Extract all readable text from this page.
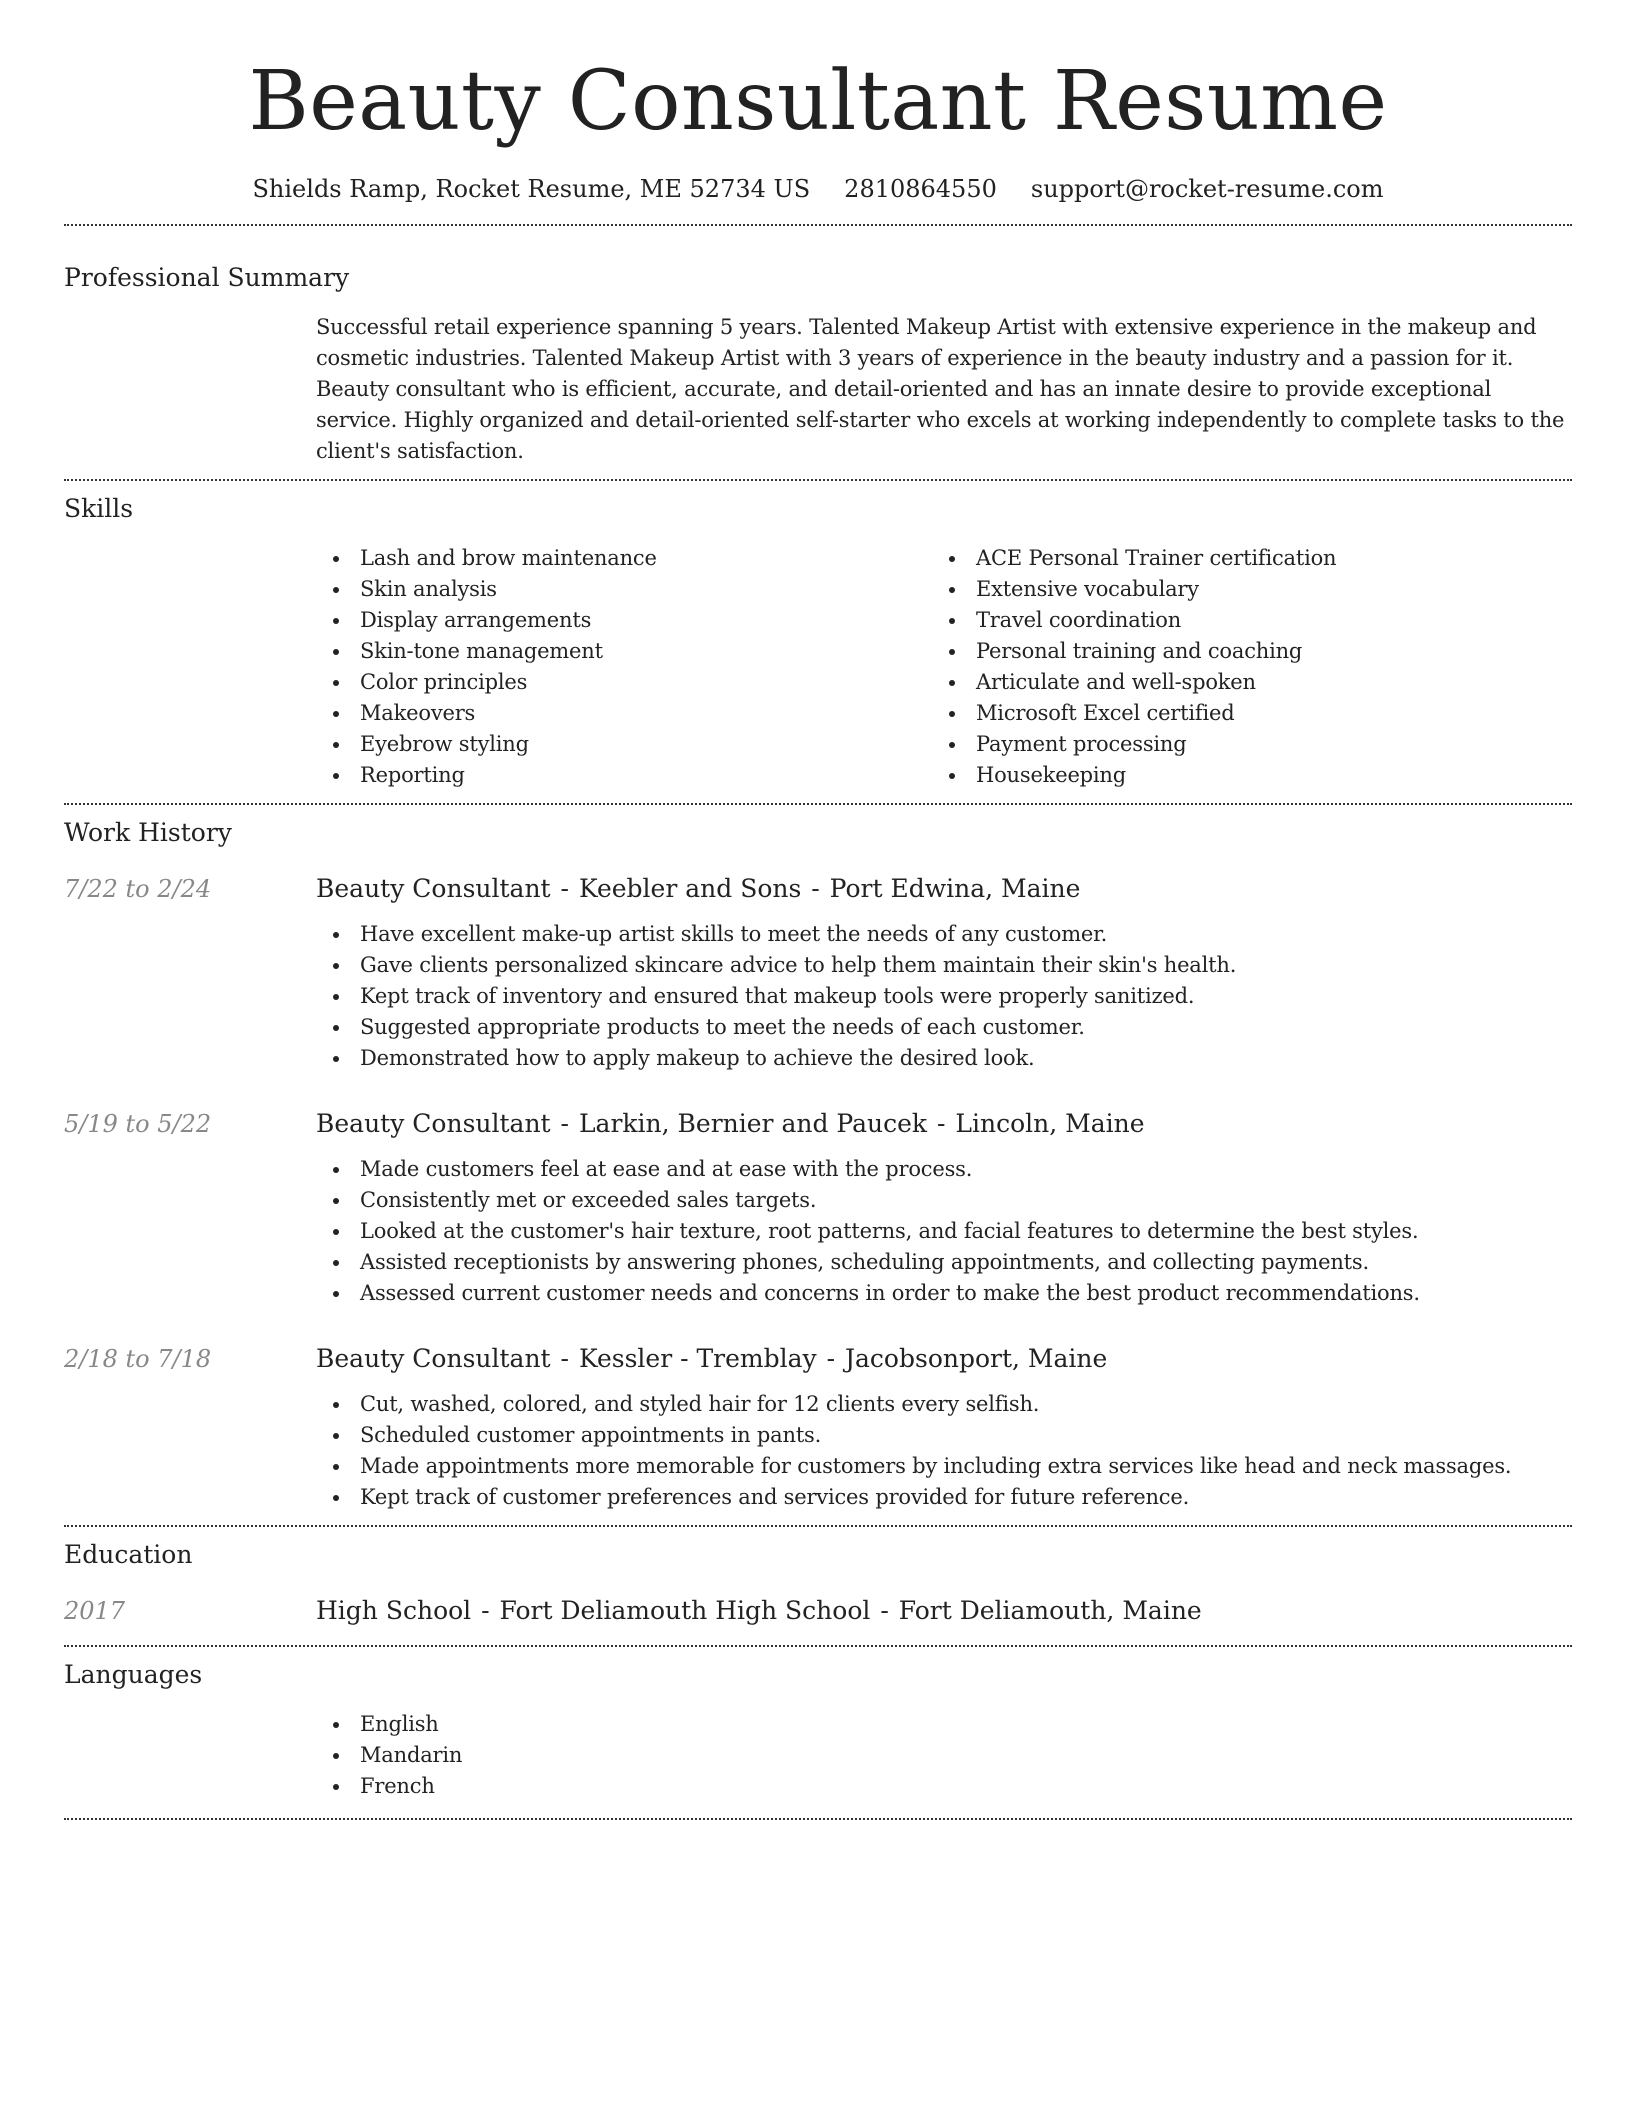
Beauty Consultant Resume
Shields Ramp, Rocket Resume, ME 52734 US 2810864550 support@rocket-resume.com
Professional Summary

Successful retail experience spanning 5 years. Talented Makeup Artist with extensive experience in the makeup and cosmetic industries. Talented Makeup Artist with 3 years of experience in the beauty industry and a passion for it. Beauty consultant who is efficient, accurate, and detail-oriented and has an innate desire to provide exceptional service. Highly organized and detail-oriented self-starter who excels at working independently to complete tasks to the client's satisfaction.

Skills
Lash and brow maintenance
Skin analysis
Display arrangements
Skin-tone management
Color principles
Makeovers
Eyebrow styling
Reporting
ACE Personal Trainer certification
Extensive vocabulary
Travel coordination
Personal training and coaching
Articulate and well-spoken
Microsoft Excel certified
Payment processing
Housekeeping
Work History
7/22 to 2/24	Beauty Consultant - Keebler and Sons - Port Edwina, Maine
Have excellent make-up artist skills to meet the needs of any customer.
Gave clients personalized skincare advice to help them maintain their skin's health.
Kept track of inventory and ensured that makeup tools were properly sanitized.
Suggested appropriate products to meet the needs of each customer.
Demonstrated how to apply makeup to achieve the desired look.
5/19 to 5/22	Beauty Consultant - Larkin, Bernier and Paucek - Lincoln, Maine
Made customers feel at ease and at ease with the process.
Consistently met or exceeded sales targets.
Looked at the customer's hair texture, root patterns, and facial features to determine the best styles.
Assisted receptionists by answering phones, scheduling appointments, and collecting payments.
Assessed current customer needs and concerns in order to make the best product recommendations.
2/18 to 7/18	Beauty Consultant - Kessler - Tremblay - Jacobsonport, Maine
Cut, washed, colored, and styled hair for 12 clients every selfish.
Scheduled customer appointments in pants.
Made appointments more memorable for customers by including extra services like head and neck massages.
Kept track of customer preferences and services provided for future reference.
Education
2017	High School - Fort Deliamouth High School - Fort Deliamouth, Maine
Languages
English
Mandarin
French
